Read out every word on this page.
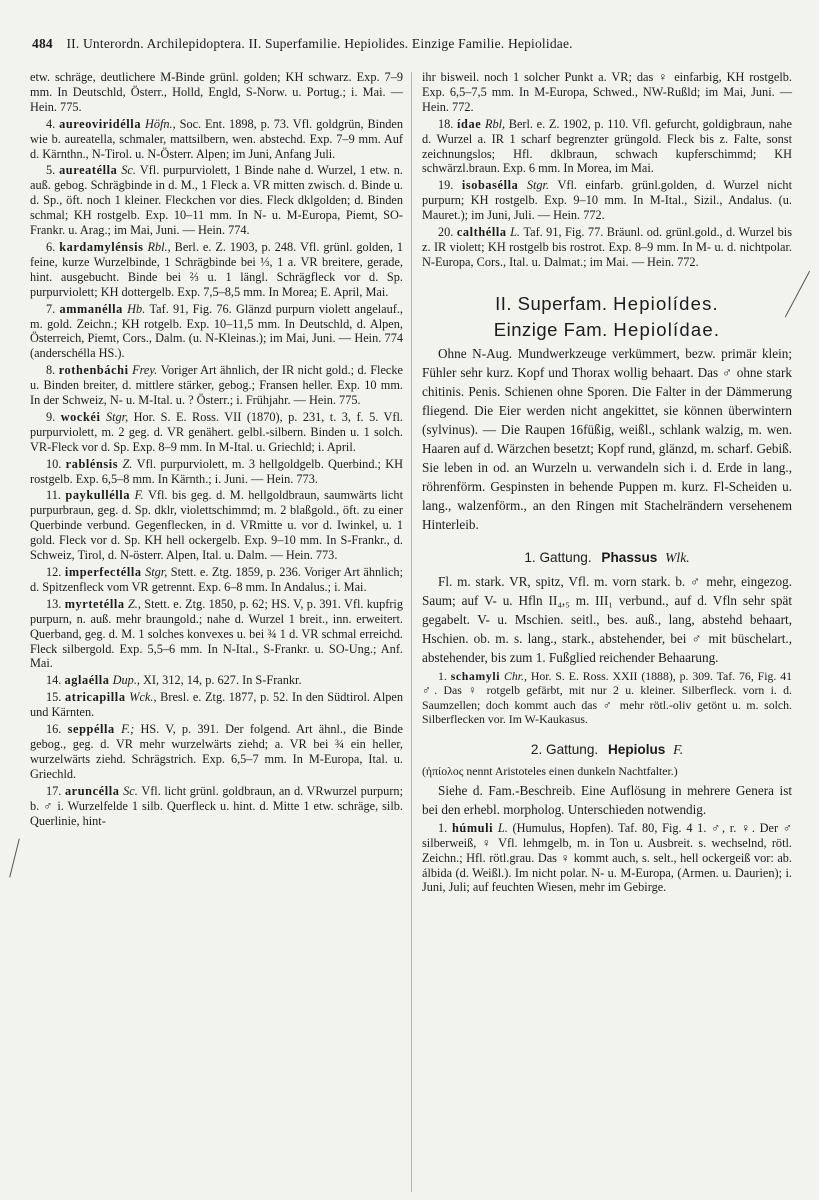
484 II. Unterordn. Archilepidoptera. II. Superfamilie. Hepiolides. Einzige Familie. Hepiolidae.

etw. schräge, deutlichere M-Binde grünl. golden; KH schwarz. Exp. 7–9 mm. In Deutschld, Österr., Holld, Engld, S-Norw. u. Portug.; i. Mai. — Hein. 775.

4. aureoviridélla Höfn., Soc. Ent. 1898, p. 73. Vfl. goldgrün, Binden wie b. aureatella, schmaler, mattsilbern, wen. abstechd. Exp. 7–9 mm. Auf d. Kärnthn., N-Tirol. u. N-Österr. Alpen; im Juni, Anfang Juli.

5. aureatélla Sc. Vfl. purpurviolett, 1 Binde nahe d. Wurzel, 1 etw. n. auß. gebog. Schrägbinde in d. M., 1 Fleck a. VR mitten zwisch. d. Binde u. d. Sp., öft. noch 1 kleiner. Fleckchen vor dies. Fleck dklgolden; d. Binden schmal; KH rostgelb. Exp. 10–11 mm. In N- u. M-Europa, Piemt, SO-Frankr. u. Arag.; im Mai, Juni. — Hein. 774.

6. kardamylénsis Rbl., Berl. e. Z. 1903, p. 248. Vfl. grünl. golden, 1 feine, kurze Wurzelbinde, 1 Schrägbinde bei ⅓, 1 a. VR breitere, gerade, hint. ausgebucht. Binde bei ⅔ u. 1 längl. Schrägfleck vor d. Sp. purpurviolett; KH dottergelb. Exp. 7,5–8,5 mm. In Morea; E. April, Mai.

7. ammanélla Hb. Taf. 91, Fig. 76. Glänzd purpurn violett angelauf., m. gold. Zeichn.; KH rotgelb. Exp. 10–11,5 mm. In Deutschld, d. Alpen, Österreich, Piemt, Cors., Dalm. (u. N-Kleinas.); im Mai, Juni. — Hein. 774 (anderschélla HS.).

8. rothenbáchi Frey. Voriger Art ähnlich, der IR nicht gold.; d. Flecke u. Binden breiter, d. mittlere stärker, gebog.; Fransen heller. Exp. 10 mm. In der Schweiz, N- u. M-Ital. u. ? Österr.; i. Frühjahr. — Hein. 775.

9. wockéi Stgr, Hor. S. E. Ross. VII (1870), p. 231, t. 3, f. 5. Vfl. purpurviolett, m. 2 geg. d. VR genähert. gelbl.-silbern. Binden u. 1 solch. VR-Fleck vor d. Sp. Exp. 8–9 mm. In M-Ital. u. Griechld; i. April.

10. rablénsis Z. Vfl. purpurviolett, m. 3 hellgoldgelb. Querbind.; KH rostgelb. Exp. 6,5–8 mm. In Kärnth.; i. Juni. — Hein. 773.

11. paykullélla F. Vfl. bis geg. d. M. hellgoldbraun, saumwärts licht purpurbraun, geg. d. Sp. dklr, violettschimmd; m. 2 blaßgold., öft. zu einer Querbinde verbund. Gegenflecken, in d. VRmitte u. vor d. Iwinkel, u. 1 gold. Fleck vor d. Sp. KH hell ockergelb. Exp. 9–10 mm. In S-Frankr., d. Schweiz, Tirol, d. N-österr. Alpen, Ital. u. Dalm. — Hein. 773.

12. imperfectélla Stgr, Stett. e. Ztg. 1859, p. 236. Voriger Art ähnlich; d. Spitzenfleck vom VR getrennt. Exp. 6–8 mm. In Andalus.; i. Mai.

13. myrtetélla Z., Stett. e. Ztg. 1850, p. 62; HS. V, p. 391. Vfl. kupfrig purpurn, n. auß. mehr braungold.; nahe d. Wurzel 1 breit., inn. erweitert. Querband, geg. d. M. 1 solches konvexes u. bei ¾ 1 d. VR schmal erreichd. Fleck silbergold. Exp. 5,5–6 mm. In N-Ital., S-Frankr. u. SO-Ung.; Anf. Mai.

14. aglaélla Dup., XI, 312, 14, p. 627. In S-Frankr.

15. atricapilla Wck., Bresl. e. Ztg. 1877, p. 52. In den Südtirol. Alpen und Kärnten.

16. seppélla F.; HS. V, p. 391. Der folgend. Art ähnl., die Binde gebog., geg. d. VR mehr wurzelwärts ziehd; a. VR bei ¾ ein heller, wurzelwärts ziehd. Schrägstrich. Exp. 6,5–7 mm. In M-Europa, Ital. u. Griechld.

17. aruncélla Sc. Vfl. licht grünl. goldbraun, an d. VRwurzel purpurn; b. ♂ i. Wurzelfelde 1 silb. Querfleck u. hint. d. Mitte 1 etw. schräge, silb. Querlinie, hint-

ihr bisweil. noch 1 solcher Punkt a. VR; das ♀ einfarbig, KH rostgelb. Exp. 6,5–7,5 mm. In M-Europa, Schwed., NW-Rußld; im Mai, Juni. — Hein. 772.

18. ídae Rbl, Berl. e. Z. 1902, p. 110. Vfl. gefurcht, goldigbraun, nahe d. Wurzel a. IR 1 scharf begrenzter grüngold. Fleck bis z. Falte, sonst zeichnungslos; Hfl. dklbraun, schwach kupferschimmd; KH schwärzl.braun. Exp. 6 mm. In Morea, im Mai.

19. isobasélla Stgr. Vfl. einfarb. grünl.golden, d. Wurzel nicht purpurn; KH rostgelb. Exp. 9–10 mm. In M-Ital., Sizil., Andalus. (u. Mauret.); im Juni, Juli. — Hein. 772.

20. calthélla L. Taf. 91, Fig. 77. Bräunl. od. grünl.gold., d. Wurzel bis z. IR violett; KH rostgelb bis rostrot. Exp. 8–9 mm. In M- u. d. nichtpolar. N-Europa, Cors., Ital. u. Dalmat.; im Mai. — Hein. 772.

II. Superfam. Hepiolídes.
Einzige Fam. Hepiolídae.

Ohne N-Aug. Mundwerkzeuge verkümmert, bezw. primär klein; Fühler sehr kurz. Kopf und Thorax wollig behaart. Das ♂ ohne stark chitinis. Penis. Schienen ohne Sporen. Die Falter in der Dämmerung fliegend. Die Eier werden nicht angekittet, sie können überwintern (sylvinus). — Die Raupen 16füßig, weißl., schlank walzig, m. wen. Haaren auf d. Wärzchen besetzt; Kopf rund, glänzd, m. scharf. Gebiß. Sie leben in od. an Wurzeln u. verwandeln sich i. d. Erde in lang., röhrenförm. Gespinsten in behende Puppen m. kurz. Fl-Scheiden u. lang., walzenförm., an den Ringen mit Stachelrändern versehenem Hinterleib.

1. Gattung. Phassus Wlk.

Fl. m. stark. VR, spitz, Vfl. m. vorn stark. b. ♂ mehr, eingezog. Saum; auf V- u. Hfln II₄,₅ m. III₁ verbund., auf d. Vfln sehr spät gegabelt. V- u. Mschien. seitl., bes. auß., lang, abstehd behaart, Hschien. ob. m. s. lang., stark., abstehender, bei ♂ mit büschelart., abstehender, bis zum 1. Fußglied reichender Behaarung.

1. schamyli Chr., Hor. S. E. Ross. XXII (1888), p. 309. Taf. 76, Fig. 41 ♂. Das ♀ rotgelb gefärbt, mit nur 2 u. kleiner. Silberfleck. vorn i. d. Saumzellen; doch kommt auch das ♂ mehr rötl.-oliv getönt u. m. solch. Silberflecken vor. Im W-Kaukasus.

2. Gattung. Hepiolus F.

(ἠπίολος nennt Aristoteles einen dunkeln Nachtfalter.)

Siehe d. Fam.-Beschreib. Eine Auflösung in mehrere Genera ist bei den erhebl. morpholog. Unterschieden notwendig.

1. húmuli L. (Humulus, Hopfen). Taf. 80, Fig. 4 1. ♂, r. ♀. Der ♂ silberweiß, ♀ Vfl. lehmgelb, m. in Ton u. Ausbreit. s. wechselnd, rötl. Zeichn.; Hfl. rötl.grau. Das ♀ kommt auch, s. selt., hell ockergeiß vor: ab. álbida (d. Weißl.). Im nicht polar. N- u. M-Europa, (Armen. u. Daurien); i. Juni, Juli; auf feuchten Wiesen, mehr im Gebirge.
